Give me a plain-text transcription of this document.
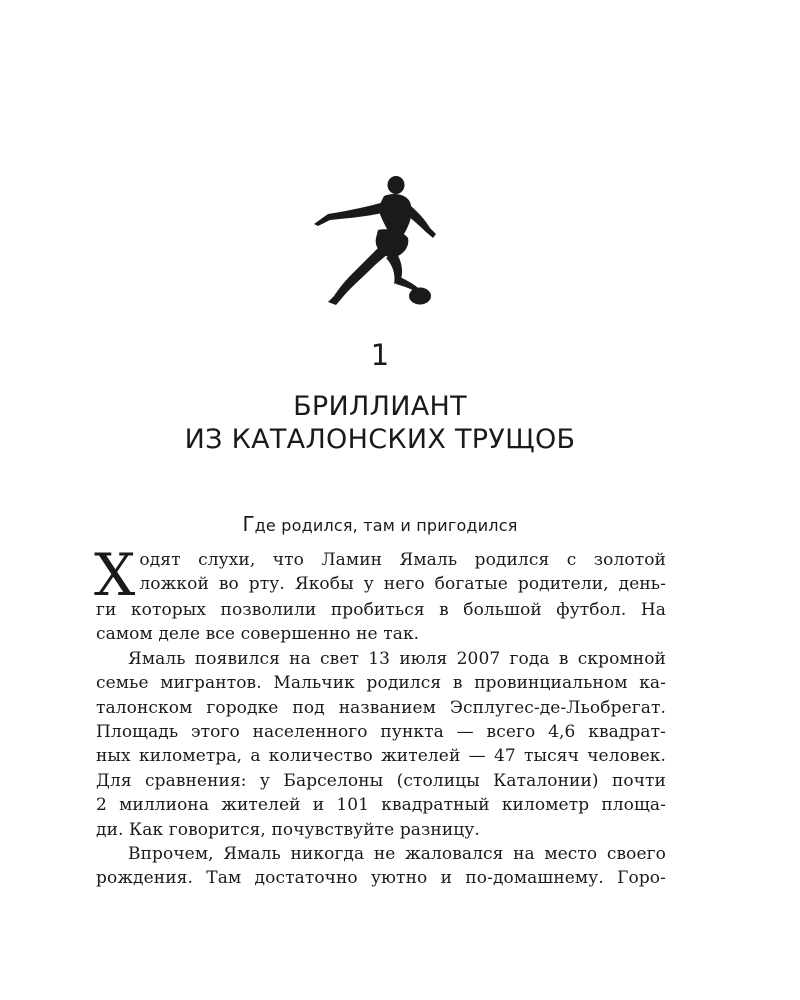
1
БРИЛЛИАНТ
ИЗ КАТАЛОНСКИХ ТРУЩОБ
Где родился, там и пригодился
Х одят слухи, что Ламин Ямаль родился с золотой
ложкой во рту. Якобы у него богатые родители, день-
ги которых позволили пробиться в большой футбол. На
самом деле все совершенно не так.
Ямаль появился на свет 13 июля 2007 года в скромной
семье мигрантов. Мальчик родился в провинциальном ка-
талонском городке под названием Эсплугес-де-Льобрегат.
Площадь этого населенного пункта — всего 4,6 квадрат-
ных километра, а количество жителей — 47 тысяч человек.
Для сравнения: у Барселоны (столицы Каталонии) почти
2 миллиона жителей и 101 квадратный километр площа-
ди. Как говорится, почувствуйте разницу.
Впрочем, Ямаль никогда не жаловался на место своего
рождения. Там достаточно уютно и по-домашнему. Горо-
